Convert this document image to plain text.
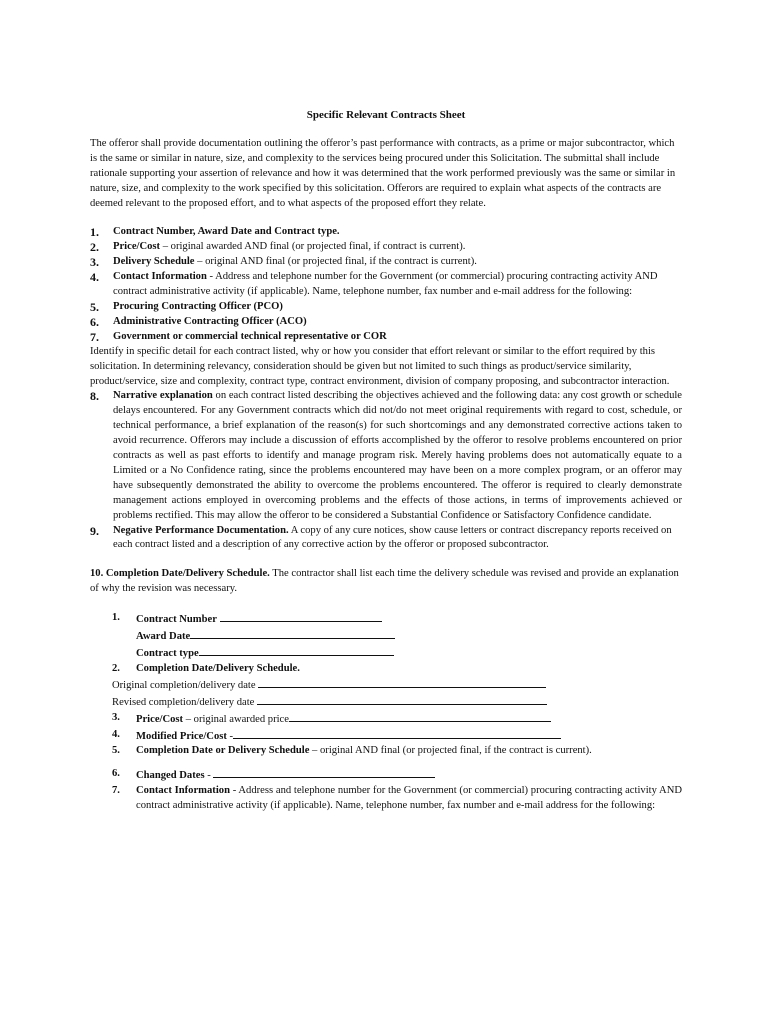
Specific Relevant Contracts Sheet

The offeror shall provide documentation outlining the offeror’s past performance with contracts, as a prime or major subcontractor, which is the same or similar in nature, size, and complexity to the services being procured under this Solicitation. The submittal shall include rationale supporting your assertion of relevance and how it was determined that the work performed previously was the same or similar in nature, size, and complexity to the work specified by this solicitation. Offerors are required to explain what aspects of the contracts are deemed relevant to the proposed effort, and to what aspects of the proposed effort they relate.

1. Contract Number, Award Date and Contract type.
2. Price/Cost – original awarded AND final (or projected final, if contract is current).
3. Delivery Schedule – original AND final (or projected final, if the contract is current).
4. Contact Information - Address and telephone number for the Government (or commercial) procuring contracting activity AND contract administrative activity (if applicable). Name, telephone number, fax number and e-mail address for the following:
5. Procuring Contracting Officer (PCO)
6. Administrative Contracting Officer (ACO)
7. Government or commercial technical representative or COR

Identify in specific detail for each contract listed, why or how you consider that effort relevant or similar to the effort required by this solicitation. In determining relevancy, consideration should be given but not limited to such things as product/service similarity, product/service, size and complexity, contract type, contract environment, division of company proposing, and subcontractor interaction.

8. Narrative explanation on each contract listed describing the objectives achieved and the following data: any cost growth or schedule delays encountered. For any Government contracts which did not/do not meet original requirements with regard to cost, schedule, or technical performance, a brief explanation of the reason(s) for such shortcomings and any demonstrated corrective actions taken to avoid recurrence. Offerors may include a discussion of efforts accomplished by the offeror to resolve problems encountered on prior contracts as well as past efforts to identify and manage program risk. Merely having problems does not automatically equate to a Limited or a No Confidence rating, since the problems encountered may have been on a more complex program, or an offeror may have subsequently demonstrated the ability to overcome the problems encountered. The offeror is required to clearly demonstrate management actions employed in overcoming problems and the effects of those actions, in terms of improvements achieved or problems rectified. This may allow the offeror to be considered a Substantial Confidence or Satisfactory Confidence candidate.
9. Negative Performance Documentation. A copy of any cure notices, show cause letters or contract discrepancy reports received on each contract listed and a description of any corrective action by the offeror or proposed subcontractor.

10. Completion Date/Delivery Schedule. The contractor shall list each time the delivery schedule was revised and provide an explanation of why the revision was necessary.

1. Contract Number
Award Date
Contract type
2. Completion Date/Delivery Schedule.
Original completion/delivery date
Revised completion/delivery date
3. Price/Cost – original awarded price
4. Modified Price/Cost -
5. Completion Date or Delivery Schedule – original AND final (or projected final, if the contract is current).
6. Changed Dates -
7. Contact Information - Address and telephone number for the Government (or commercial) procuring contracting activity AND contract administrative activity (if applicable). Name, telephone number, fax number and e-mail address for the following:
